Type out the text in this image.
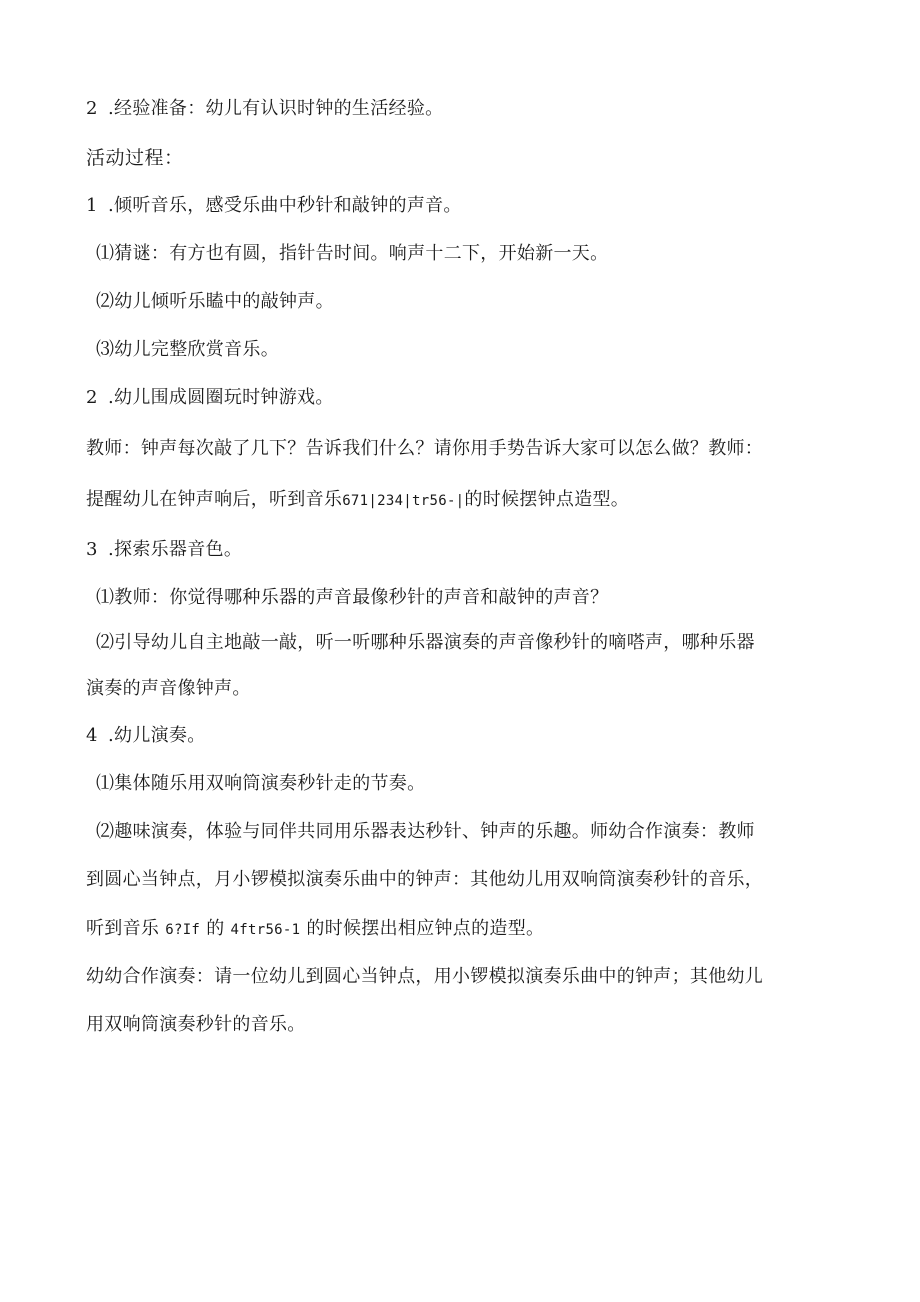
2 .经验准备：幼儿有认识时钟的生活经验。
活动过程：
1 .倾听音乐，感受乐曲中秒针和敲钟的声音。
⑴猜谜：有方也有圆，指针告时间。响声十二下，开始新一天。
⑵幼儿倾听乐瞌中的敲钟声。
⑶幼儿完整欣赏音乐。
2 .幼儿围成圆圈玩时钟游戏。
教师：钟声每次敲了几下？告诉我们什么？请你用手势告诉大家可以怎么做？教师：
提醒幼儿在钟声响后，听到音乐671|234|tr56-|的时候摆钟点造型。
3 .探索乐器音色。
⑴教师：你觉得哪种乐器的声音最像秒针的声音和敲钟的声音？
⑵引导幼儿自主地敲一敲，听一听哪种乐器演奏的声音像秒针的嘀嗒声，哪种乐器
演奏的声音像钟声。
4 .幼儿演奏。
⑴集体随乐用双响筒演奏秒针走的节奏。
⑵趣味演奏，体验与同伴共同用乐器表达秒针、钟声的乐趣。师幼合作演奏：教师
到圆心当钟点，月小锣模拟演奏乐曲中的钟声：其他幼儿用双响筒演奏秒针的音乐，
听到音乐 6?If 的 4ftr56-1 的时候摆出相应钟点的造型。
幼幼合作演奏：请一位幼儿到圆心当钟点，用小锣模拟演奏乐曲中的钟声；其他幼儿
用双响筒演奏秒针的音乐。
